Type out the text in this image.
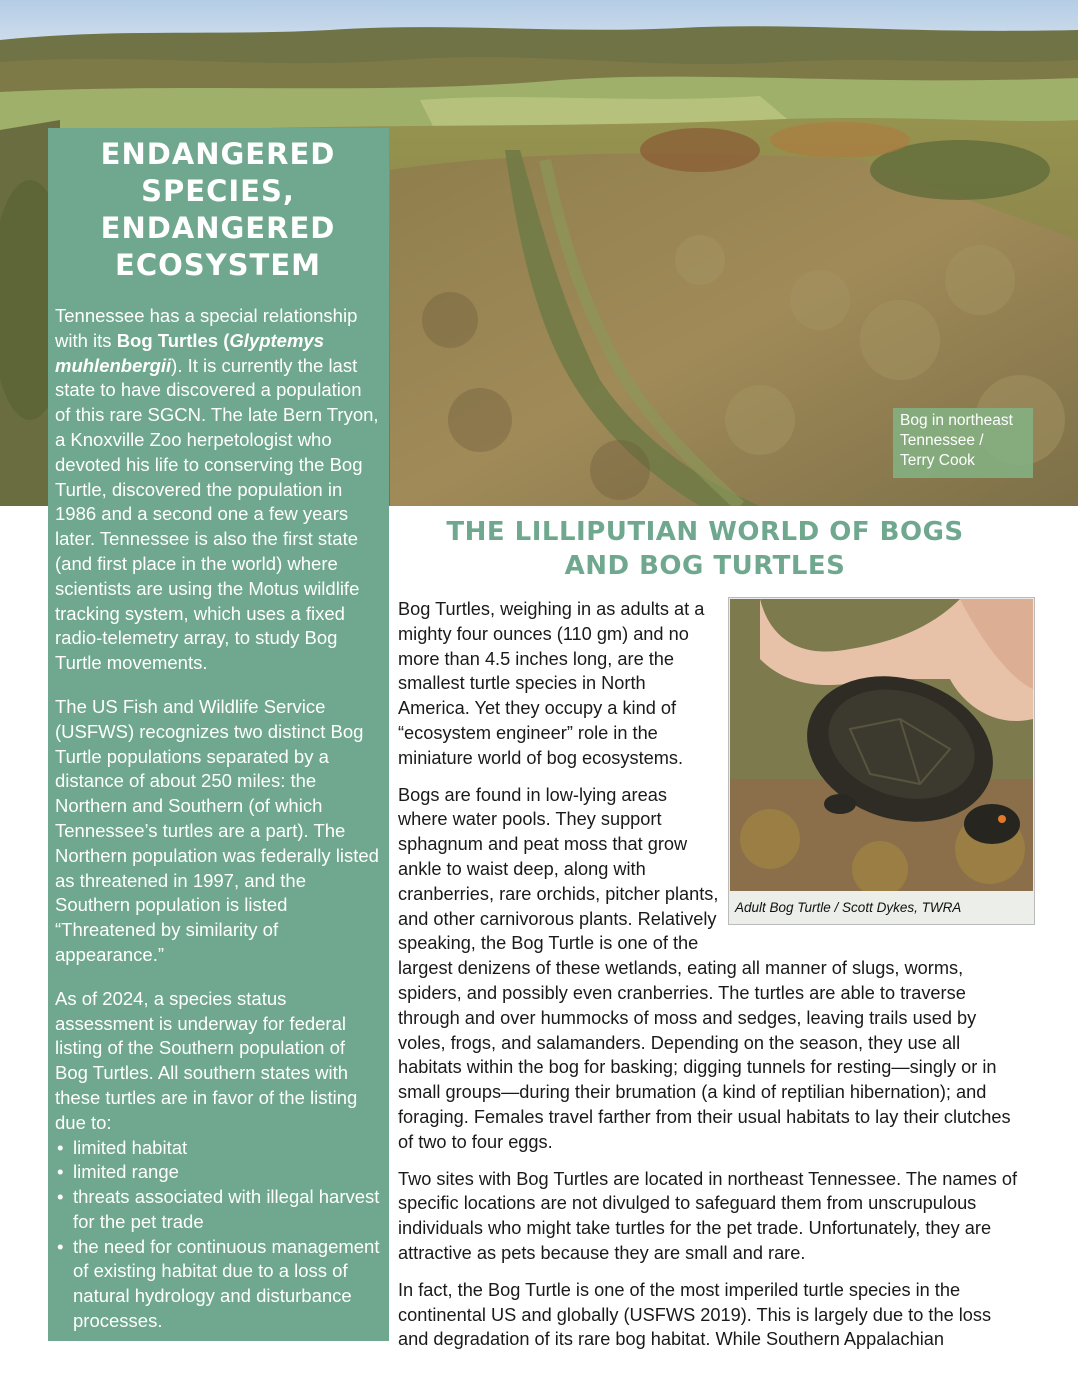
Bog in northeast
Tennessee /
Terry Cook
ENDANGERED SPECIES, ENDANGERED ECOSYSTEM

Tennessee has a special relationship with its Bog Turtles (Glyptemys muhlenbergii). It is currently the last state to have discovered a population of this rare SGCN. The late Bern Tryon, a Knoxville Zoo herpetologist who devoted his life to conserving the Bog Turtle, discovered the population in 1986 and a second one a few years later. Tennessee is also the first state (and first place in the world) where scientists are using the Motus wildlife tracking system, which uses a fixed radio-telemetry array, to study Bog Turtle movements.

The US Fish and Wildlife Service (USFWS) recognizes two distinct Bog Turtle populations separated by a distance of about 250 miles: the Northern and Southern (of which Tennessee’s turtles are a part). The Northern population was federally listed as threatened in 1997, and the Southern population is listed “Threatened by similarity of appearance.”

As of 2024, a species status assessment is underway for federal listing of the Southern population of Bog Turtles. All southern states with these turtles are in favor of the listing due to:

• limited habitat
• limited range
• threats associated with illegal harvest for the pet trade
• the need for continuous management of existing habitat due to a loss of natural hydrology and disturbance processes.
THE LILLIPUTIAN WORLD OF BOGS AND BOG TURTLES
Adult Bog Turtle / Scott Dykes, TWRA

Bog Turtles, weighing in as adults at a mighty four ounces (110 gm) and no more than 4.5 inches long, are the smallest turtle species in North America. Yet they occupy a kind of “ecosystem engineer” role in the miniature world of bog ecosystems.

Bogs are found in low-lying areas where water pools. They support sphagnum and peat moss that grow ankle to waist deep, along with cranberries, rare orchids, pitcher plants, and other carnivorous plants. Relatively speaking, the Bog Turtle is one of the largest denizens of these wetlands, eating all manner of slugs, worms, spiders, and possibly even cranberries. The turtles are able to traverse through and over hummocks of moss and sedges, leaving trails used by voles, frogs, and salamanders. Depending on the season, they use all habitats within the bog for basking; digging tunnels for resting—singly or in small groups—during their brumation (a kind of reptilian hibernation); and foraging. Females travel farther from their usual habitats to lay their clutches of two to four eggs.

Two sites with Bog Turtles are located in northeast Tennessee. The names of specific locations are not divulged to safeguard them from unscrupulous individuals who might take turtles for the pet trade. Unfortunately, they are attractive as pets because they are small and rare.

In fact, the Bog Turtle is one of the most imperiled turtle species in the continental US and globally (USFWS 2019). This is largely due to the loss and degradation of its rare bog habitat. While Southern Appalachian
